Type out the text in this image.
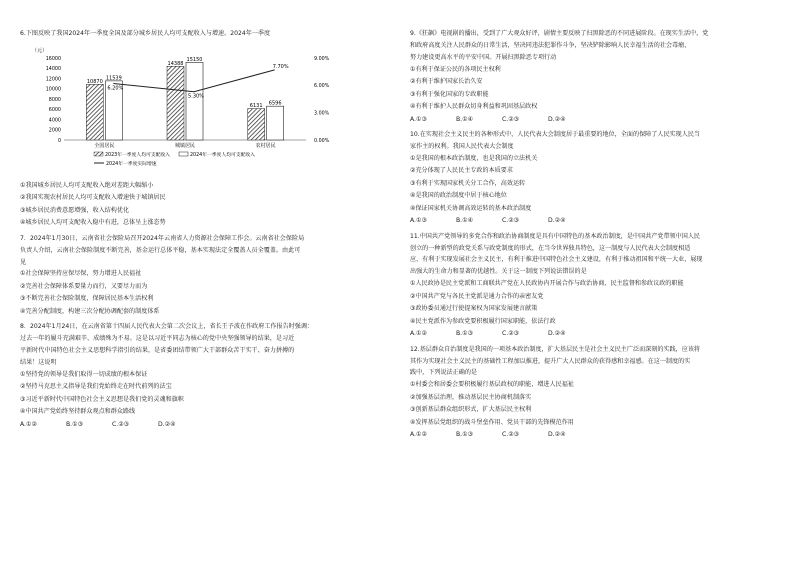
6.下图反映了我国2024年一季度全国及部分城乡居民人均可支配收入与增速。2024年一季度
（元）
16000
14000
12000
10000
8000
6000
4000
2000
0
9.00%
6.00%
3.00%
0.00%
10870
11539
全国居民
14388
15150
城镇居民
6131 6596
农村居民
6.20%
5.30%
7.70%
2023年一季度人均可支配收入	2024年一季度人均可支配收入
2024年一季度实际增速
①我国城乡居民人均可支配收入绝对差距大幅缩小
②我国实现农村居民人均可支配收入增速快于城镇居民
③城乡居民消费意愿增强，收入结构优化
④城乡居民人均可支配收入稳中有进，总体呈上涨态势
7．2024年1月30日，云南省社会保险局召开2024年云南省人力资源社会保障工作会。云南省社会保险局
负责人介绍，云南社会保险制度不断完善，基金运行总体平稳，基本实现法定全覆盖人员全覆盖。由此可
见
①社会保障坚持应保尽保，努力增进人民福祉
②完善社会保障体系要量力而行，又要尽力而为
③不断完善社会保险制度，保障居民基本生活权利
④完善分配制度，构建三次分配协调配套的制度体系
8．2024年1月24日，在云南省第十四届人民代表大会第二次会议上，省长王予波在作政府工作报告时强调：
过去一年的履斗充满艰辛、成绩殊为不易。这是以习近平同志为核心的党中央坚强领导的结果，是习近
平新时代中国特色社会主义思想科学指引的结果，是省委团结带领广大干部群众苦干实干、奋力拼搏的
结果！这说明
①坚持党的领导是我们取得一切成绩的根本保证
②坚持马克思主义指导是我们党始终走在时代前列的法宝
③习近平新时代中国特色社会主义思想是我们党的灵魂和旗帜
④中国共产党始终坚持群众观点和群众路线
A.①②	B.①③	C.②③	D.②④
9.《狂飙》电视剧的播出，受到了广大观众好评，剧情主要反映了扫黑除恶的不同进展阶段。在现实生活中，党
和政府高度关注人民群众的日常生活，坚决同违法犯罪作斗争，坚决铲除影响人民幸福生活的社会毒瘤，
努力建设更高水平的平安中国。开展扫黑除恶专项行动
①有利于保证公民的各项民主权利
②有利于维护国家长治久安
③有利于强化国家的专政职能
④有利于维护人民群众切身利益和巩固基层政权
A.①③	B.①④	C.②③	D.②④
10.在实现社会主义民主的各种形式中，人民代表大会制度居于最重要的地位，全面的保障了人民实现人民当
家作主的权利。我国人民代表大会制度
①是我国的根本政治制度，也是我国的立法机关
②充分体现了人民民主专政的本质要求
③有利于实现国家机关分工合作，高效运转
④是我国的政治制度中居于核心地位
④保证国家机关协调高效运转的基本政治制度
A.①③	B.①④	C.②③	D.②④
11.中国共产党领导的多党合作和政治协商制度是具有中国特色的基本政治制度，是中国共产党带领中国人民
创立的一种新型的政党关系与政党制度的形式，在当今世界独具特色，这一制度与人民代表大会制度相适
应，有利于实现发展社会主义民主，有利于推进中国特色社会主义建设，有利于推动祖国和平统一大业，展现
出强大的生命力和显著的优越性。关于这一制度下列说法错误的是
①人民政协是民主党派和工商联共产党在人民政协内开展合作与政治协商、民主监督和参政议政的职能
②中国共产党与各民主党派是通力合作的亲密友党
③政协委员通过行使提案权为国家发展建言献策
④民主党派作为参政党要积极履行国家职能，依法行政
A.①②	B.①③	C.②③	D.②④
12.基层群众自治制度是我国的一项基本政治制度，扩大基层民主是社会主义民主广泛而深刻的实践，应该将
其作为实现社会主义民主的基础性工程加以推进，提升广大人民群众的获得感和幸福感。在这一制度的实
践中，下列说法正确的是
①村委会和居委会要积极履行基层政权的职能，增进人民福祉
②加强基层治理，推动基层民主协商机制落实
③创新基层群众组织形式，扩大基层民主权利
④发挥基层党组织的战斗堡垒作用、党员干部的先锋模范作用
A.①②	B.①③	C.②③	D.②④
